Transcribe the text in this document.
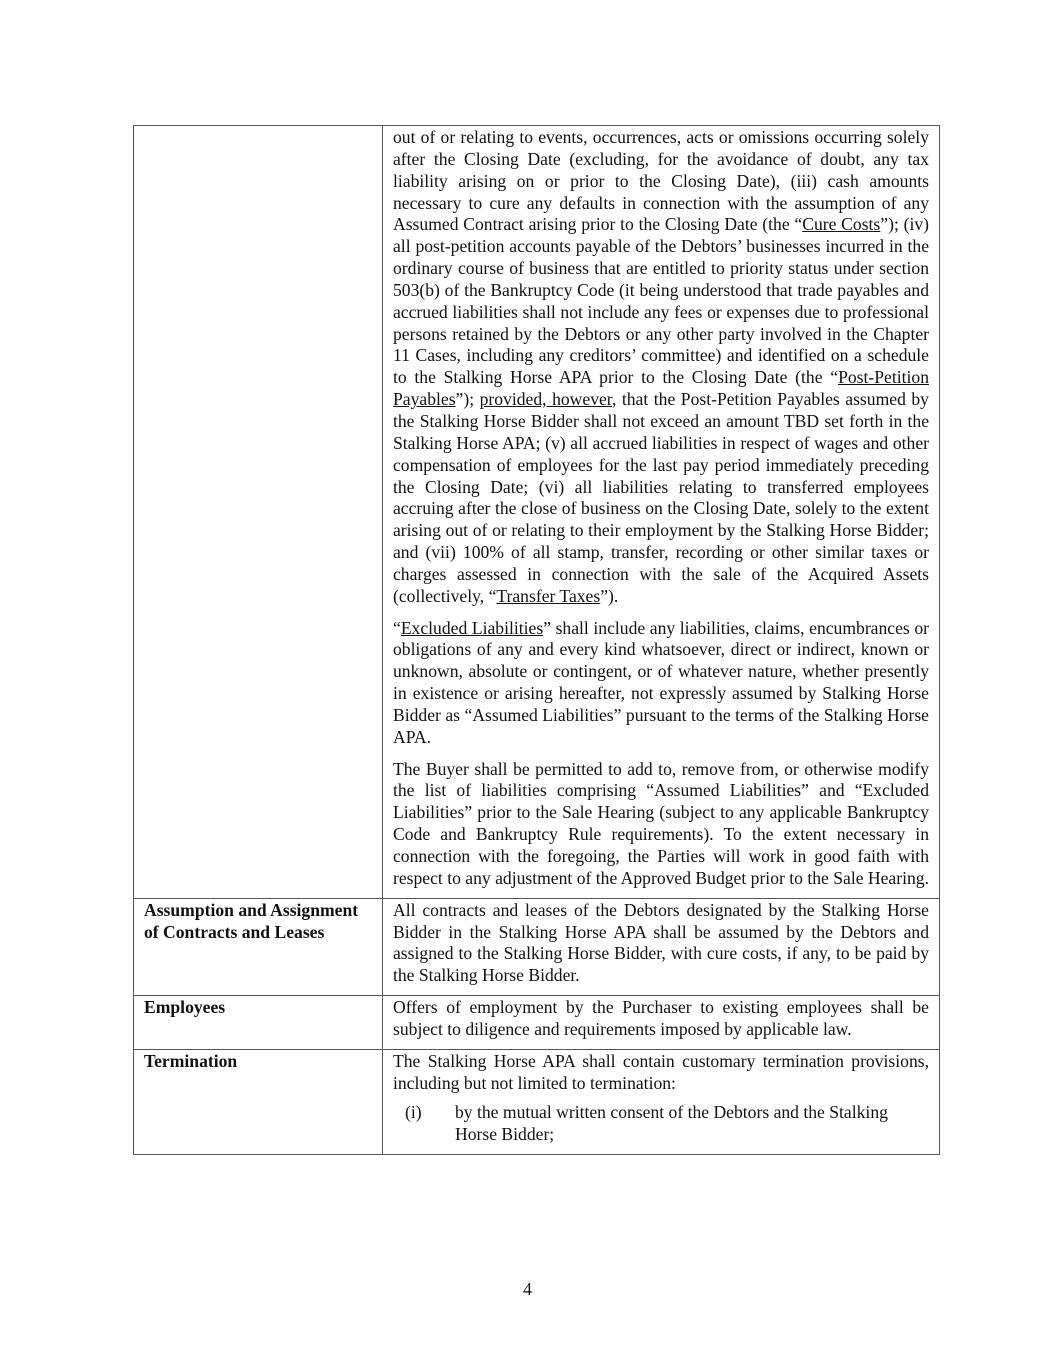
	out of or relating to events, occurrences, acts or omissions occurring solely after the Closing Date (excluding, for the avoidance of doubt, any tax liability arising on or prior to the Closing Date), (iii) cash amounts necessary to cure any defaults in connection with the assumption of any Assumed Contract arising prior to the Closing Date (the “Cure Costs”); (iv) all post-petition accounts payable of the Debtors’ businesses incurred in the ordinary course of business that are entitled to priority status under section 503(b) of the Bankruptcy Code (it being understood that trade payables and accrued liabilities shall not include any fees or expenses due to professional persons retained by the Debtors or any other party involved in the Chapter 11 Cases, including any creditors’ committee) and identified on a schedule to the Stalking Horse APA prior to the Closing Date (the “Post-Petition Payables”); provided, however, that the Post-Petition Payables assumed by the Stalking Horse Bidder shall not exceed an amount TBD set forth in the Stalking Horse APA; (v) all accrued liabilities in respect of wages and other compensation of employees for the last pay period immediately preceding the Closing Date; (vi) all liabilities relating to transferred employees accruing after the close of business on the Closing Date, solely to the extent arising out of or relating to their employment by the Stalking Horse Bidder; and (vii) 100% of all stamp, transfer, recording or other similar taxes or charges assessed in connection with the sale of the Acquired Assets (collectively, “Transfer Taxes”).

“Excluded Liabilities” shall include any liabilities, claims, encumbrances or obligations of any and every kind whatsoever, direct or indirect, known or unknown, absolute or contingent, or of whatever nature, whether presently in existence or arising hereafter, not expressly assumed by Stalking Horse Bidder as “Assumed Liabilities” pursuant to the terms of the Stalking Horse APA.

The Buyer shall be permitted to add to, remove from, or otherwise modify the list of liabilities comprising “Assumed Liabilities” and “Excluded Liabilities” prior to the Sale Hearing (subject to any applicable Bankruptcy Code and Bankruptcy Rule requirements). To the extent necessary in connection with the foregoing, the Parties will work in good faith with respect to any adjustment of the Approved Budget prior to the Sale Hearing.

Assumption and Assignment of Contracts and Leases	All contracts and leases of the Debtors designated by the Stalking Horse Bidder in the Stalking Horse APA shall be assumed by the Debtors and assigned to the Stalking Horse Bidder, with cure costs, if any, to be paid by the Stalking Horse Bidder.
Employees	Offers of employment by the Purchaser to existing employees shall be subject to diligence and requirements imposed by applicable law.
Termination	The Stalking Horse APA shall contain customary termination provisions, including but not limited to termination:
(i) by the mutual written consent of the Debtors and the Stalking Horse Bidder;
4
